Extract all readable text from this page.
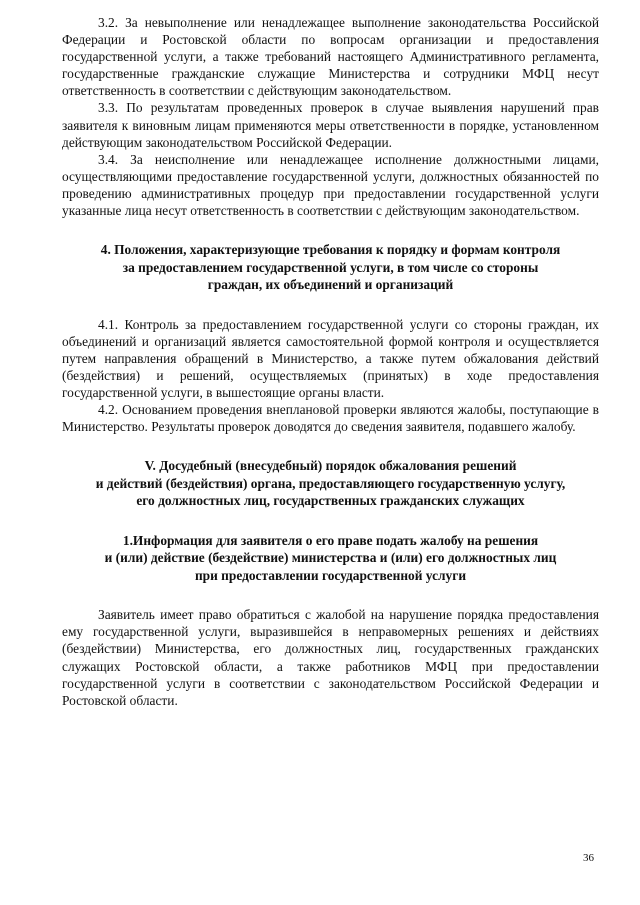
3.2. За невыполнение или ненадлежащее выполнение законодательства Российской Федерации и Ростовской области по вопросам организации и предоставления государственной услуги, а также требований настоящего Административного регламента, государственные гражданские служащие Министерства и сотрудники МФЦ несут ответственность в соответствии с действующим законодательством.

3.3. По результатам проведенных проверок в случае выявления нарушений прав заявителя к виновным лицам применяются меры ответственности в порядке, установленном действующим законодательством Российской Федерации.

3.4. За неисполнение или ненадлежащее исполнение должностными лицами, осуществляющими предоставление государственной услуги, должностных обязанностей по проведению административных процедур при предоставлении государственной услуги указанные лица несут ответственность в соответствии с действующим законодательством.

4. Положения, характеризующие требования к порядку и формам контроля

за предоставлением государственной услуги, в том числе со стороны

граждан, их объединений и организаций

4.1. Контроль за предоставлением государственной услуги со стороны граждан, их объединений и организаций является самостоятельной формой контроля и осуществляется путем направления обращений в Министерство, а также путем обжалования действий (бездействия) и решений, осуществляемых (принятых) в ходе предоставления государственной услуги, в вышестоящие органы власти.

4.2. Основанием проведения внеплановой проверки являются жалобы, поступающие в Министерство. Результаты проверок доводятся до сведения заявителя, подавшего жалобу.

V. Досудебный (внесудебный) порядок обжалования решений

и действий (бездействия) органа, предоставляющего государственную услугу,

его должностных лиц, государственных гражданских служащих

1.Информация для заявителя о его праве подать жалобу на решения

и (или) действие (бездействие) министерства и (или) его должностных лиц

при предоставлении государственной услуги

Заявитель имеет право обратиться с жалобой на нарушение порядка предоставления ему государственной услуги, выразившейся в неправомерных решениях и действиях (бездействии) Министерства, его должностных лиц, государственных гражданских служащих Ростовской области, а также работников МФЦ при предоставлении государственной услуги в соответствии с законодательством Российской Федерации и Ростовской области.

36
